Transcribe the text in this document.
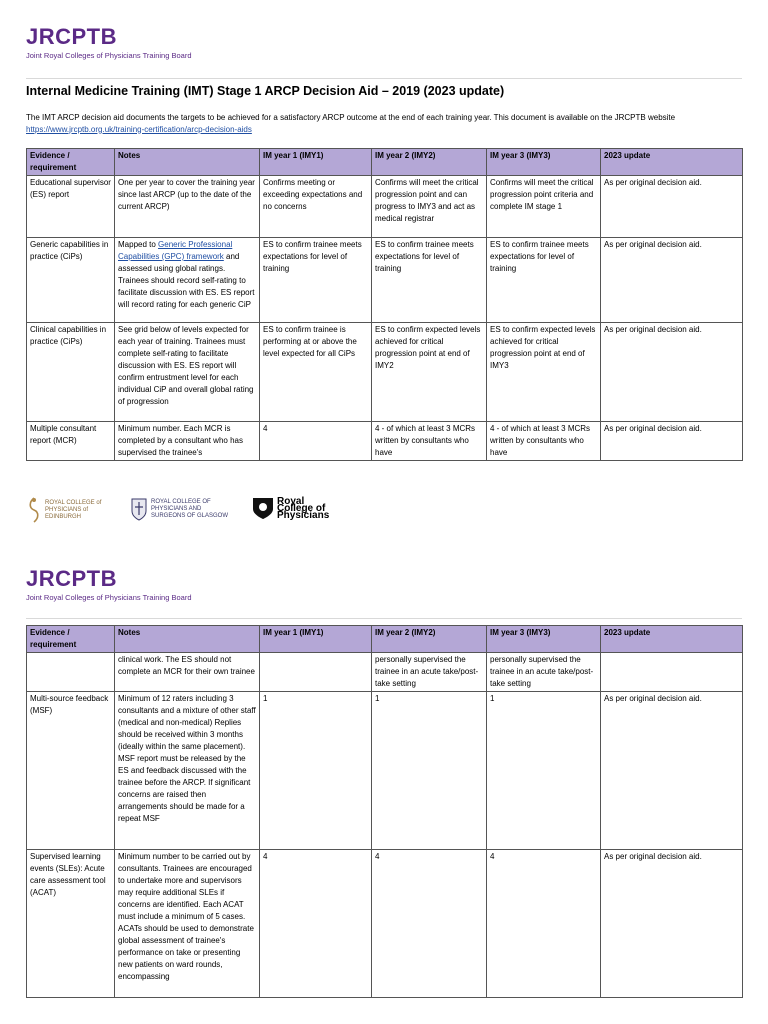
JRCPTB
Joint Royal Colleges of Physicians Training Board
Internal Medicine Training (IMT) Stage 1 ARCP Decision Aid – 2019 (2023 update)
The IMT ARCP decision aid documents the targets to be achieved for a satisfactory ARCP outcome at the end of each training year. This document is available on the JRCPTB website https://www.jrcptb.org.uk/training-certification/arcp-decision-aids
Evidence / requirement	Notes	IM year 1 (IMY1)	IM year 2 (IMY2)	IM year 3 (IMY3)	2023 update
Educational supervisor (ES) report	One per year to cover the training year since last ARCP (up to the date of the current ARCP)	Confirms meeting or exceeding expectations and no concerns	Confirms will meet the critical progression point and can progress to IMY3 and act as medical registrar	Confirms will meet the critical progression point criteria and complete IM stage 1	As per original decision aid.
Generic capabilities in practice (CiPs)	Mapped to Generic Professional Capabilities (GPC) framework and assessed using global ratings. Trainees should record self-rating to facilitate discussion with ES. ES report will record rating for each generic CiP	ES to confirm trainee meets expectations for level of training	ES to confirm trainee meets expectations for level of training	ES to confirm trainee meets expectations for level of training	As per original decision aid.
Clinical capabilities in practice (CiPs)	See grid below of levels expected for each year of training. Trainees must complete self-rating to facilitate discussion with ES. ES report will confirm entrustment level for each individual CiP and overall global rating of progression	ES to confirm trainee is performing at or above the level expected for all CiPs	ES to confirm expected levels achieved for critical progression point at end of IMY2	ES to confirm expected levels achieved for critical progression point at end of IMY3	As per original decision aid.
Multiple consultant report (MCR)	Minimum number. Each MCR is completed by a consultant who has supervised the trainee's	4	4 - of which at least 3 MCRs written by consultants who have	4 - of which at least 3 MCRs written by consultants who have	As per original decision aid.
ROYAL COLLEGE of PHYSICIANS of EDINBURGH
ROYAL COLLEGE OF PHYSICIANS AND SURGEONS OF GLASGOW
Royal College of Physicians
JRCPTB
Joint Royal Colleges of Physicians Training Board
Evidence / requirement	Notes	IM year 1 (IMY1)	IM year 2 (IMY2)	IM year 3 (IMY3)	2023 update
	clinical work. The ES should not complete an MCR for their own trainee		personally supervised the trainee in an acute take/post-take setting	personally supervised the trainee in an acute take/post-take setting	
Multi-source feedback (MSF)	Minimum of 12 raters including 3 consultants and a mixture of other staff (medical and non-medical) Replies should be received within 3 months (ideally within the same placement). MSF report must be released by the ES and feedback discussed with the trainee before the ARCP. If significant concerns are raised then arrangements should be made for a repeat MSF	1	1	1	As per original decision aid.
Supervised learning events (SLEs): Acute care assessment tool (ACAT)	Minimum number to be carried out by consultants. Trainees are encouraged to undertake more and supervisors may require additional SLEs if concerns are identified. Each ACAT must include a minimum of 5 cases. ACATs should be used to demonstrate global assessment of trainee's performance on take or presenting new patients on ward rounds, encompassing	4	4	4	As per original decision aid.
